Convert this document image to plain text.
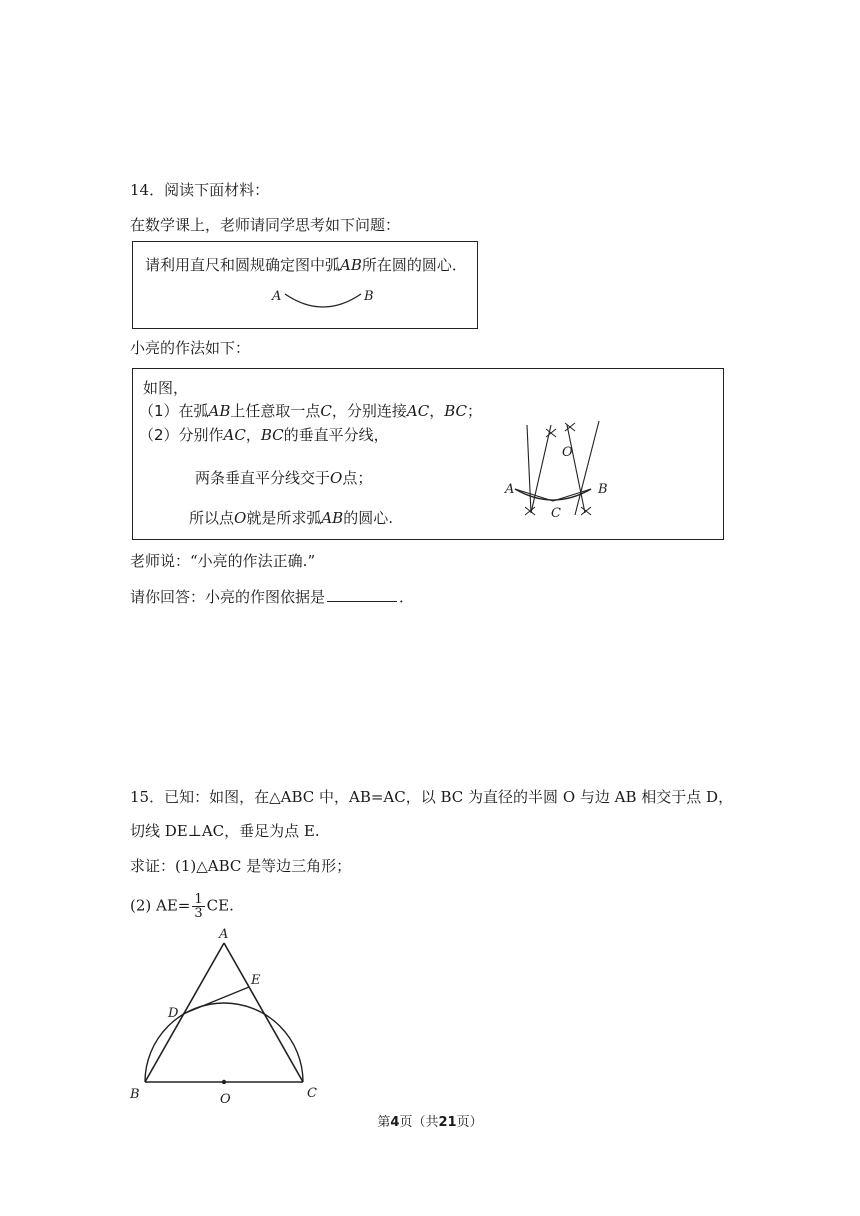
14．阅读下面材料：
在数学课上，老师请同学思考如下问题：
请利用直尺和圆规确定图中弧AB所在圆的圆心．
A	B
小亮的作法如下：
如图，
（1）在弧AB上任意取一点C，分别连接AC，BC；
（2）分别作AC，BC的垂直平分线，
两条垂直平分线交于O点；
所以点O就是所求弧AB的圆心.
O
A	B
C
老师说：“小亮的作法正确.”
请你回答：小亮的作图依据是	．
15．已知：如图，在△ABC 中，AB=AC，以 BC 为直径的半圆 O 与边 AB 相交于点 D，
切线 DE⊥AC，垂足为点 E.
求证：(1)△ABC 是等边三角形；
(2) $AE= \frac{1}{3}$ CE.
A
B	C
D
E
O
第4页（共21页）
